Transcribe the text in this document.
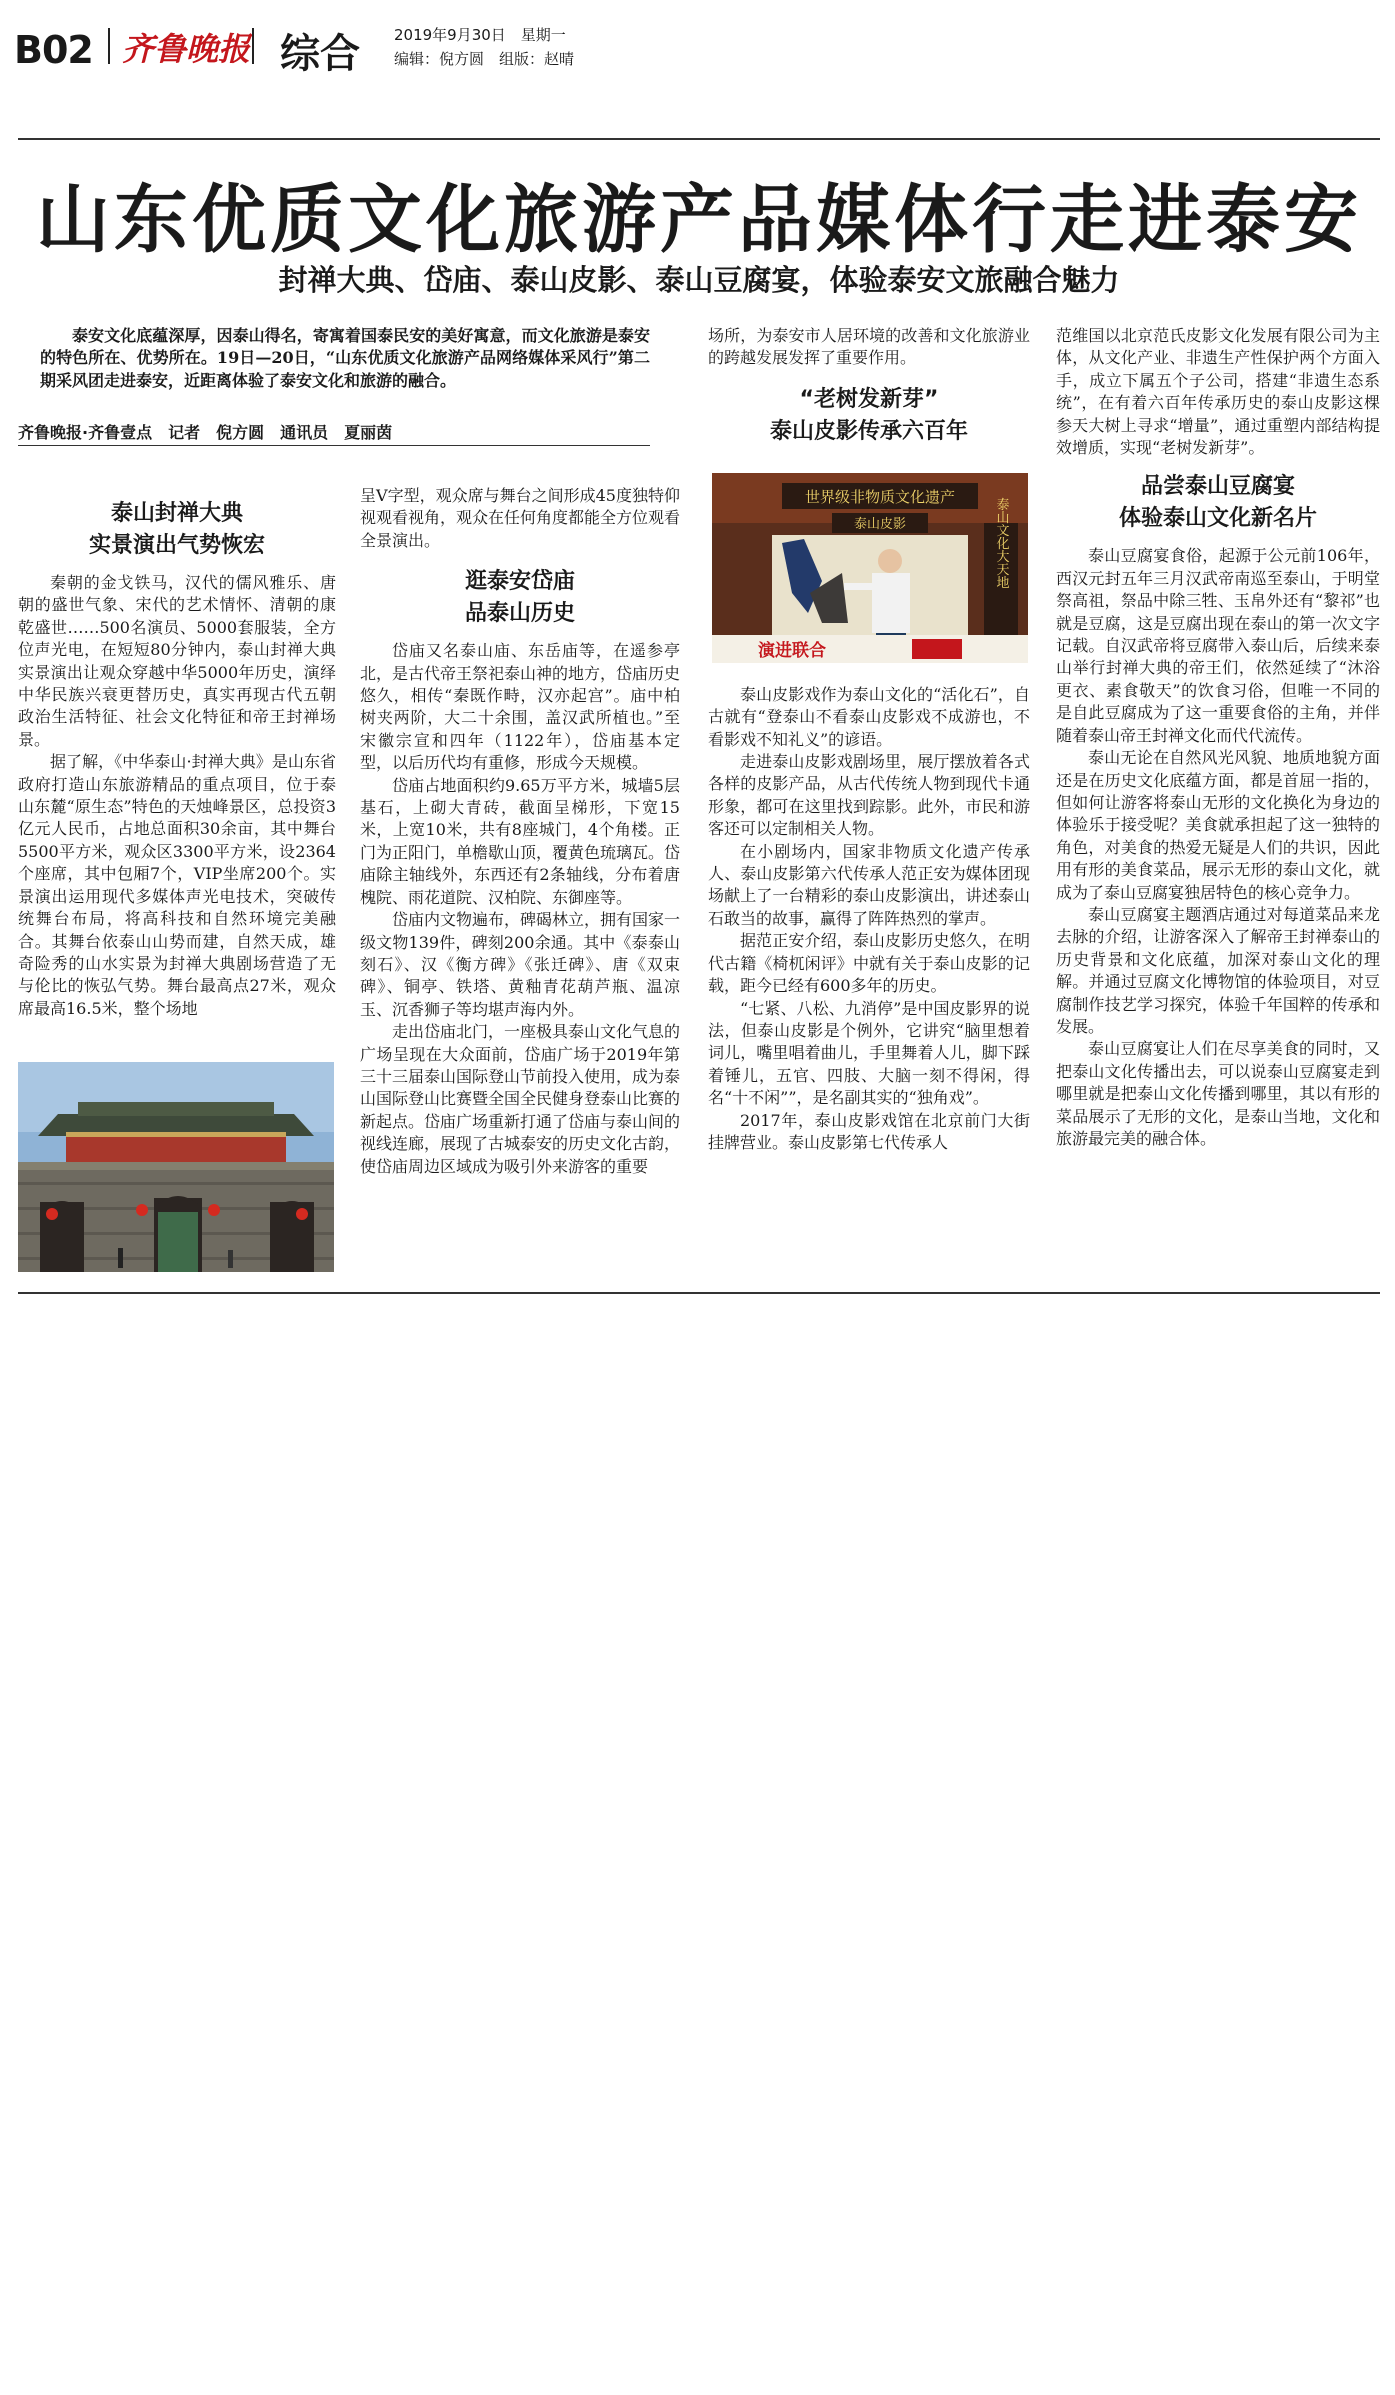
B02 齐鲁晚报 综合 2019年9月30日　星期一
编辑：倪方圆　组版：赵晴
山东优质文化旅游产品媒体行走进泰安
封禅大典、岱庙、泰山皮影、泰山豆腐宴，体验泰安文旅融合魅力

泰安文化底蕴深厚，因泰山得名，寄寓着国泰民安的美好寓意，而文化旅游是泰安的特色所在、优势所在。19日—20日，“山东优质文化旅游产品网络媒体采风行”第二期采风团走进泰安，近距离体验了泰安文化和旅游的融合。

齐鲁晚报·齐鲁壹点　记者　倪方圆　通讯员　夏丽茵
泰山封禅大典
实景演出气势恢宏

秦朝的金戈铁马，汉代的儒风雅乐、唐朝的盛世气象、宋代的艺术情怀、清朝的康乾盛世……500名演员、5000套服装，全方位声光电，在短短80分钟内，泰山封禅大典实景演出让观众穿越中华5000年历史，演绎中华民族兴衰更替历史，真实再现古代五朝政治生活特征、社会文化特征和帝王封禅场景。

据了解，《中华泰山·封禅大典》是山东省政府打造山东旅游精品的重点项目，位于泰山东麓“原生态”特色的天烛峰景区，总投资3亿元人民币，占地总面积30余亩，其中舞台5500平方米，观众区3300平方米，设2364个座席，其中包厢7个，VIP坐席200个。实景演出运用现代多媒体声光电技术，突破传统舞台布局，将高科技和自然环境完美融合。其舞台依泰山山势而建，自然天成，雄奇险秀的山水实景为封禅大典剧场营造了无与伦比的恢弘气势。舞台最高点27米，观众席最高16.5米，整个场地

呈V字型，观众席与舞台之间形成45度独特仰视观看视角，观众在任何角度都能全方位观看全景演出。

逛泰安岱庙
品泰山历史

岱庙又名泰山庙、东岳庙等，在遥参亭北，是古代帝王祭祀泰山神的地方，岱庙历史悠久，相传“秦既作畤，汉亦起宫”。庙中柏树夹两阶，大二十余围，盖汉武所植也。”至宋徽宗宣和四年（1122年），岱庙基本定型，以后历代均有重修，形成今天规模。

岱庙占地面积约9.65万平方米，城墙5层基石，上砌大青砖，截面呈梯形，下宽15米，上宽10米，共有8座城门，4个角楼。正门为正阳门，单檐歇山顶，覆黄色琉璃瓦。岱庙除主轴线外，东西还有2条轴线，分布着唐槐院、雨花道院、汉柏院、东御座等。

岱庙内文物遍布，碑碣林立，拥有国家一级文物139件，碑刻200余通。其中《泰泰山刻石》、汉《衡方碑》《张迁碑》、唐《双束碑》、铜亭、铁塔、黄釉青花葫芦瓶、温凉玉、沉香狮子等均堪声海内外。

走出岱庙北门，一座极具泰山文化气息的广场呈现在大众面前，岱庙广场于2019年第三十三届泰山国际登山节前投入使用，成为泰山国际登山比赛暨全国全民健身登泰山比赛的新起点。岱庙广场重新打通了岱庙与泰山间的视线连廊，展现了古城泰安的历史文化古韵，使岱庙周边区域成为吸引外来游客的重要

场所，为泰安市人居环境的改善和文化旅游业的跨越发展发挥了重要作用。

“老树发新芽”
泰山皮影传承六百年

泰山皮影戏作为泰山文化的“活化石”，自古就有“登泰山不看泰山皮影戏不成游也，不看影戏不知礼义”的谚语。

走进泰山皮影戏剧场里，展厅摆放着各式各样的皮影产品，从古代传统人物到现代卡通形象，都可在这里找到踪影。此外，市民和游客还可以定制相关人物。

在小剧场内，国家非物质文化遗产传承人、泰山皮影第六代传承人范正安为媒体团现场献上了一台精彩的泰山皮影演出，讲述泰山石敢当的故事，赢得了阵阵热烈的掌声。

据范正安介绍，泰山皮影历史悠久，在明代古籍《椅杌闲评》中就有关于泰山皮影的记载，距今已经有600多年的历史。

“七紧、八松、九消停”是中国皮影界的说法，但泰山皮影是个例外，它讲究“脑里想着词儿，嘴里唱着曲儿，手里舞着人儿，脚下踩着锤儿，五官、四肢、大脑一刻不得闲，得名“十不闲””，是名副其实的“独角戏”。

2017年，泰山皮影戏馆在北京前门大街挂牌营业。泰山皮影第七代传承人

世界级非物质文化遗产
泰山皮影	泰山文化大天地
演进联合

范维国以北京范氏皮影文化发展有限公司为主体，从文化产业、非遗生产性保护两个方面入手，成立下属五个子公司，搭建“非遗生态系统”，在有着六百年传承历史的泰山皮影这棵参天大树上寻求“增量”，通过重塑内部结构提效增质，实现“老树发新芽”。

品尝泰山豆腐宴
体验泰山文化新名片

泰山豆腐宴食俗，起源于公元前106年，西汉元封五年三月汉武帝南巡至泰山，于明堂祭高祖，祭品中除三牲、玉帛外还有“黎祁”也就是豆腐，这是豆腐出现在泰山的第一次文字记载。自汉武帝将豆腐带入泰山后，后续来泰山举行封禅大典的帝王们，依然延续了“沐浴更衣、素食敬天”的饮食习俗，但唯一不同的是自此豆腐成为了这一重要食俗的主角，并伴随着泰山帝王封禅文化而代代流传。

泰山无论在自然风光风貌、地质地貌方面还是在历史文化底蕴方面，都是首屈一指的，但如何让游客将泰山无形的文化换化为身边的体验乐于接受呢？美食就承担起了这一独特的角色，对美食的热爱无疑是人们的共识，因此用有形的美食菜品，展示无形的泰山文化，就成为了泰山豆腐宴独居特色的核心竞争力。

泰山豆腐宴主题酒店通过对每道菜品来龙去脉的介绍，让游客深入了解帝王封禅泰山的历史背景和文化底蕴，加深对泰山文化的理解。并通过豆腐文化博物馆的体验项目，对豆腐制作技艺学习探究，体验千年国粹的传承和发展。

泰山豆腐宴让人们在尽享美食的同时，又把泰山文化传播出去，可以说泰山豆腐宴走到哪里就是把泰山文化传播到哪里，其以有形的菜品展示了无形的文化，是泰山当地，文化和旅游最完美的融合体。
